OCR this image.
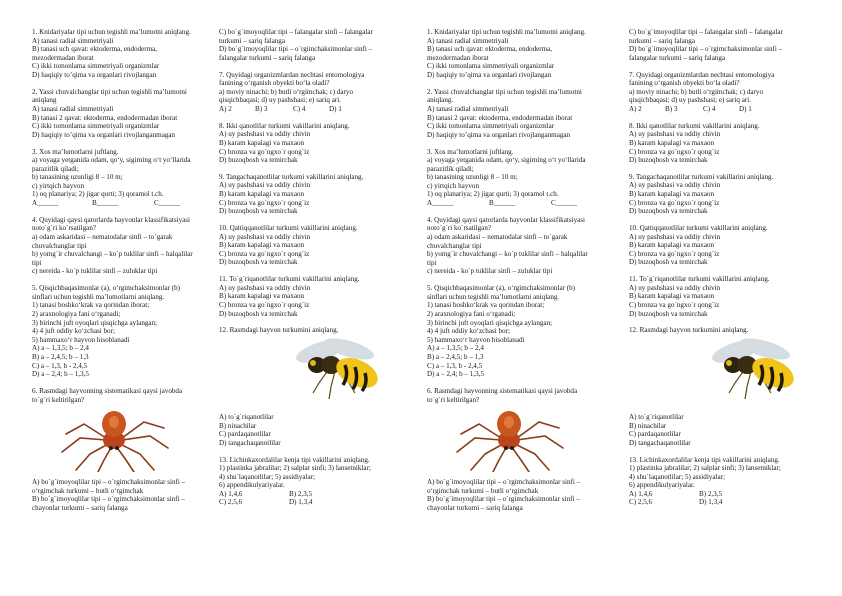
1. Knidariyalar tipi uchun tegishli ma’lumotni aniqlang.
A) tanasi radial simmetriyali
B) tanasi uch qavat: ektoderma, endoderma,
mezodermadan iborat
C) ikki tomonlama simmetriyali organizmlar
D) haqiqiy to’qima va organlari rivojlangan
2. Yassi chuvalchanglar tipi uchun tegishli ma’lumotni
aniqlang
A) tanasi radial simmetriyali
B) tanasi 2 qavat: ektoderma, endodermadan iborat
C) ikki tomonlama simmetriyali organizmlar
D) haqiqiy to’qima va organlari rivojlanganmagan
3. Xos ma’lumotlarni juftlang.
a) voyaga yetganida odam, qo‘y, sigirning o‘t yo‘llarida
parazitlik qiladi;
b) tanasining uzunligi 8 – 10 m;
c) yirtqich hayvon
1) oq planariya; 2) jigar qurti; 3) qoramol t.ch.
A______	B______	C______
4. Quyidagi qaysi qatorlarda hayvonlar klassifikatsiyasi
noto`g`ri ko`rsatilgan?
a) odam askaridasi – nematodalar sinfi – to`garak
chuvalchanglar tipi
b) yomg`ir chuvalchangi – ko`p tuklilar sinfi – halqalilar
tipi
c) nereida - ko`p tuklilar sinfi – zuluklar tipi
5. Qisqichbaqasimonlar (a), o‘rgimchaksimonlar (b)
sinflari uchun tegishli ma’lumotlarni aniqlang.
1) tanasi boshko‘krak va qorindan iborat;
2) araxnologiya fani o‘rganadi;
3) birinchi juft oyoqlari qisqichga aylangan;
4) 4 juft oddiy ko‘zchasi bor;
5) hammaxo‘r hayvon hisoblanadi
A) a – 1,3,5; b – 2,4
B) a – 2,4,5; b – 1,3
C) a – 1,3, b - 2,4,5
D) a – 2,4; b – 1,3,5
6. Rasmdagi hayvonning sistematikasi qaysi javobda
to`g`ri keltirilgan?
A) bo`g`imoyoqlilar tipi – o`rgimchaksimonlar sinfi –
o‘rgimchak turkumi – butli o‘rgimchak
B) bo`g`imoyoqlilar tipi – o`rgimchaksimonlar sinfi –
chayonlar turkumi – sariq falanga
C) bo`g`imoyoqlilar tipi – falangalar sinfi – falangalar
turkumi – sariq falanga
D) bo`g`imoyoqlilar tipi – o`rgimchaksimonlar sinfi –
falangalar turkumi – sariq falanga
7. Quyidagi organizmlardan nechtasi entomologiya
fanining o‘rganish obyekti bo‘la oladi?
a) moviy ninachi; b) butli o‘rgimchak; c) daryo
qisqichbaqasi; d) uy pashshasi; e) sariq ari.
A) 2	B) 3	C) 4	D) 1
8. Ikki qanotlilar turkumi vakillarini aniqlang.
A) uy pashshasi va oddiy chivin
B) karam kapalagi va maxaon
C) bronza va go`ngxo`r qong`iz
D) buzoqbosh va temirchak
9. Tangachaqanotlilar turkumi vakillarini aniqlang.
A) uy pashshasi va oddiy chivin
B) karam kapalagi va maxaon
C) bronza va go`ngxo`r qong`iz
D) buzoqbosh va temirchak
10. Qattiqqanotlilar turkumi vakillarini aniqlang.
A) uy pashshasi va oddiy chivin
B) karam kapalagi va maxaon
C) bronza va go`ngxo`r qong`iz
D) buzoqbosh va temirchak
11. To`g`riqanotlilar turkumi vakillarini aniqlang.
A) uy pashshasi va oddiy chivin
B) karam kapalagi va maxaon
C) bronza va go`ngxo`r qong`iz
D) buzoqbosh va temirchak
12. Rasmdagi hayvon turkumini aniqlang.
A) to`g`riqanotlilar
B) ninachilar
C) pardaqanotlilar
D) tangachaqanotlilar
13. Lichinkaxordalilar kenja tipi vakillarini aniqlang.
1) plastinka jabralilar; 2) salplar sinfi; 3) lansetniklar;
4) shu`laqanotlilar; 5) assidiyalar;
6) appendikulyariyalar.
A) 1,4,6	B) 2,3,5
C) 2,5,6	D) 1,3,4
1. Knidariyalar tipi uchun tegishli ma’lumotni aniqlang.
A) tanasi radial simmetriyali
B) tanasi uch qavat: ektoderma, endoderma,
mezodermadan iborat
C) ikki tomonlama simmetriyali organizmlar
D) haqiqiy to’qima va organlari rivojlangan
2. Yassi chuvalchanglar tipi uchun tegishli ma’lumotni
aniqlang.
A) tanasi radial simmetriyali
B) tanasi 2 qavat: ektoderma, endodermadan iborat
C) ikki tomonlama simmetriyali organizmlar
D) haqiqiy to’qima va organlari rivojlanganmagan
3. Xos ma’lumotlarni juftlang.
a) voyaga yetganida odam, qo‘y, sigirning o‘t yo‘llarida
parazitlik qiladi;
b) tanasining uzunligi 8 – 10 m;
c) yirtqich hayvon
1) oq planariya; 2) jigar qurti; 3) qoramol t.ch.
A______	B______	C______
4. Quyidagi qaysi qatorlarda hayvonlar klassifikatsiyasi
noto`g`ri ko`rsatilgan?
a) odam askaridasi – nematodalar sinfi – to`garak
chuvalchanglar tipi
b) yomg`ir chuvalchangi – ko`p tuklilar sinfi – halqalilar
tipi
c) nereida - ko`p tuklilar sinfi – zuluklar tipi
5. Qisqichbaqasimonlar (a), o‘rgimchaksimonlar (b)
sinflari uchun tegishli ma’lumotlarni aniqlang.
1) tanasi boshko‘krak va qorindan iborat;
2) araxnologiya fani o‘rganadi;
3) birinchi juft oyoqlari qisqichga aylangan;
4) 4 juft oddiy ko‘zchasi bor;
5) hammaxo‘r hayvon hisoblanadi
A) a – 1,3,5; b – 2,4
B) a – 2,4,5; b – 1,3
C) a – 1,3, b - 2,4,5
D) a – 2,4; b – 1,3,5
6. Rasmdagi hayvonning sistematikasi qaysi javobda
to`g`ri keltirilgan?
A) bo`g`imoyoqlilar tipi – o`rgimchaksimonlar sinfi –
o‘rgimchak turkumi – butli o‘rgimchak
B) bo`g`imoyoqlilar tipi – o`rgimchaksimonlar sinfi –
chayonlar turkumi – sariq falanga
C) bo`g`imoyoqlilar tipi – falangalar sinfi – falangalar
turkumi – sariq falanga
D) bo`g`imoyoqlilar tipi – o`rgimchaksimonlar sinfi –
falangalar turkumi – sariq falanga
7. Quyidagi organizmlardan nechtasi entomologiya
fanining o‘rganish obyekti bo‘la oladi?
a) moviy ninachi; b) butli o‘rgimchak; c) daryo
qisqichbaqasi; d) uy pashshasi; e) sariq ari.
A) 2	B) 3	C) 4	D) 1
8. Ikki qanotlilar turkumi vakillarini aniqlang.
A) uy pashshasi va oddiy chivin
B) karam kapalagi va maxaon
C) bronza va go`ngxo`r qong`iz
D) buzoqbosh va temirchak
9. Tangachaqanotlilar turkumi vakillarini aniqlang.
A) uy pashshasi va oddiy chivin
B) karam kapalagi va maxaon
C) bronza va go`ngxo`r qong`iz
D) buzoqbosh va temirchak
10. Qattiqqanotlilar turkumi vakillarini aniqlang.
A) uy pashshasi va oddiy chivin
B) karam kapalagi va maxaon
C) bronza va go`ngxo`r qong`iz
D) buzoqbosh va temirchak
11. To`g`riqanotlilar turkumi vakillarini aniqlang.
A) uy pashshasi va oddiy chivin
B) karam kapalagi va maxaon
C) bronza va go`ngxo`r qong`iz
D) buzoqbosh va temirchak
12. Rasmdagi hayvon turkumini aniqlang.
A) to`g`riqanotlilar
B) ninachilar
C) pardaqanotlilar
D) tangachaqanotlilar
13. Lichinkaxordalilar kenja tipi vakillarini aniqlang.
1) plastinka jabralilar; 2) salplar sinfi; 3) lansetniklar;
4) shu`laqanotlilar; 5) assidiyalar;
6) appendikulyariyalar.
A) 1,4,6	B) 2,3,5
C) 2,5,6	D) 1,3,4
